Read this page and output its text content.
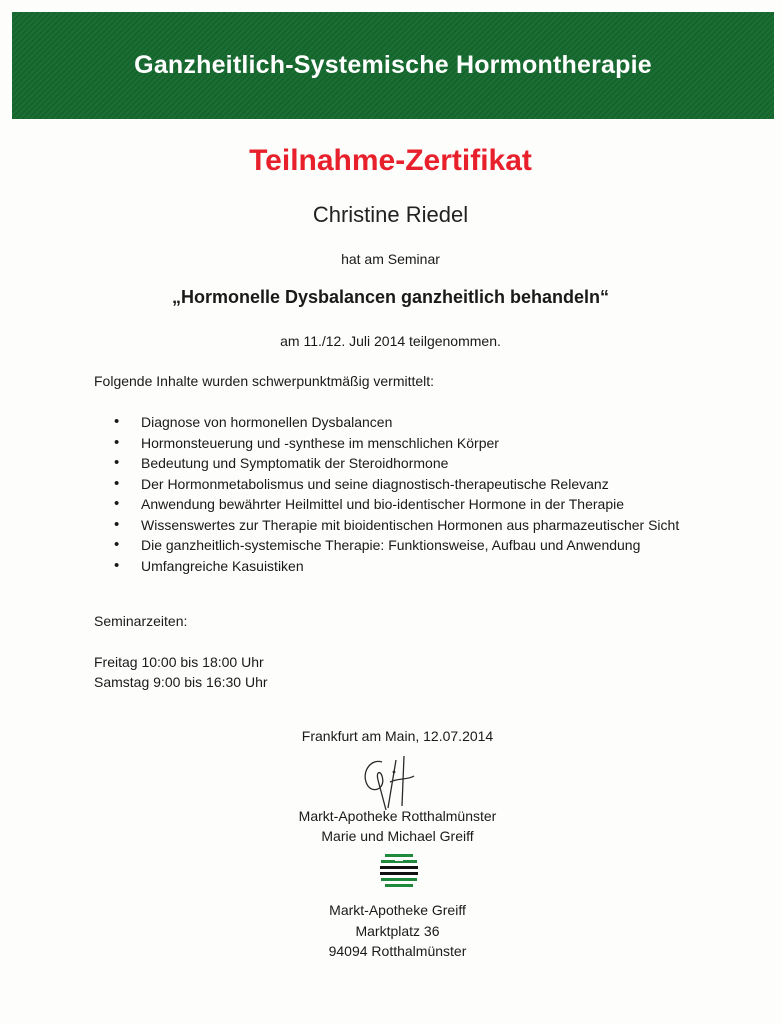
Ganzheitlich-Systemische Hormontherapie
Teilnahme-Zertifikat
Christine Riedel
hat am Seminar
„Hormonelle Dysbalancen ganzheitlich behandeln“
am 11./12. Juli 2014 teilgenommen.
Folgende Inhalte wurden schwerpunktmäßig vermittelt:
• Diagnose von hormonellen Dysbalancen
• Hormonsteuerung und -synthese im menschlichen Körper
• Bedeutung und Symptomatik der Steroidhormone
• Der Hormonmetabolismus und seine diagnostisch-therapeutische Relevanz
• Anwendung bewährter Heilmittel und bio-identischer Hormone in der Therapie
• Wissenswertes zur Therapie mit bioidentischen Hormonen aus pharmazeutischer Sicht
• Die ganzheitlich-systemische Therapie: Funktionsweise, Aufbau und Anwendung
• Umfangreiche Kasuistiken
Seminarzeiten:
Freitag 10:00 bis 18:00 Uhr
Samstag 9:00 bis 16:30 Uhr
Frankfurt am Main, 12.07.2014
Markt-Apotheke Rotthalmünster
Marie und Michael Greiff
Markt-Apotheke Greiff
Marktplatz 36
94094 Rotthalmünster
